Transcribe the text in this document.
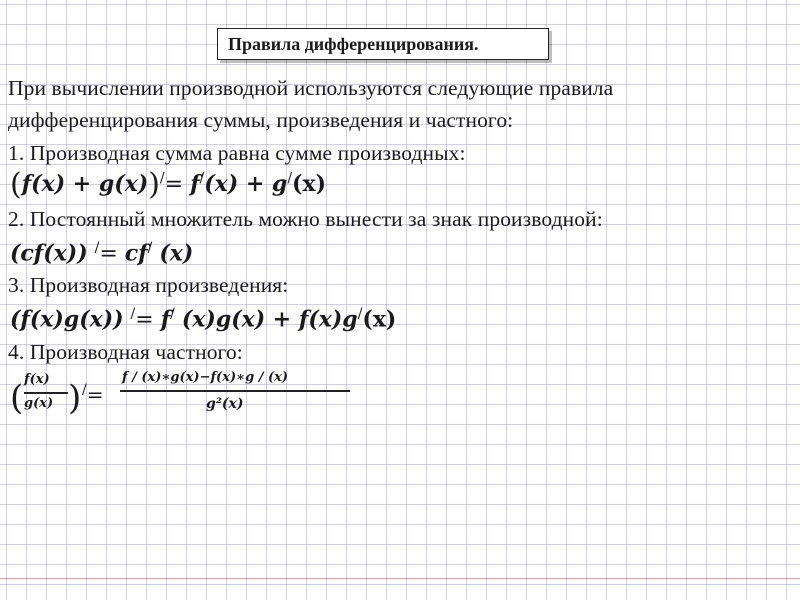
Правила дифференцирования.
При вычислении производной используются следующие правила
дифференцирования суммы, произведения и частного:
1. Производная сумма равна сумме производных:
(f(x) + g(x))/= f/(x) + g/(x)
2. Постоянный множитель можно вынести за знак производной:
(cf(x)) /= cf/ (x)
3. Производная произведения:
(f(x)g(x)) /= f/ (x)g(x) + f(x)g/(x)
4. Производная частного:
( f(x)
g(x) ) /=
f / (x)∗g(x)−f(x)∗g / (x)
g²(x)
